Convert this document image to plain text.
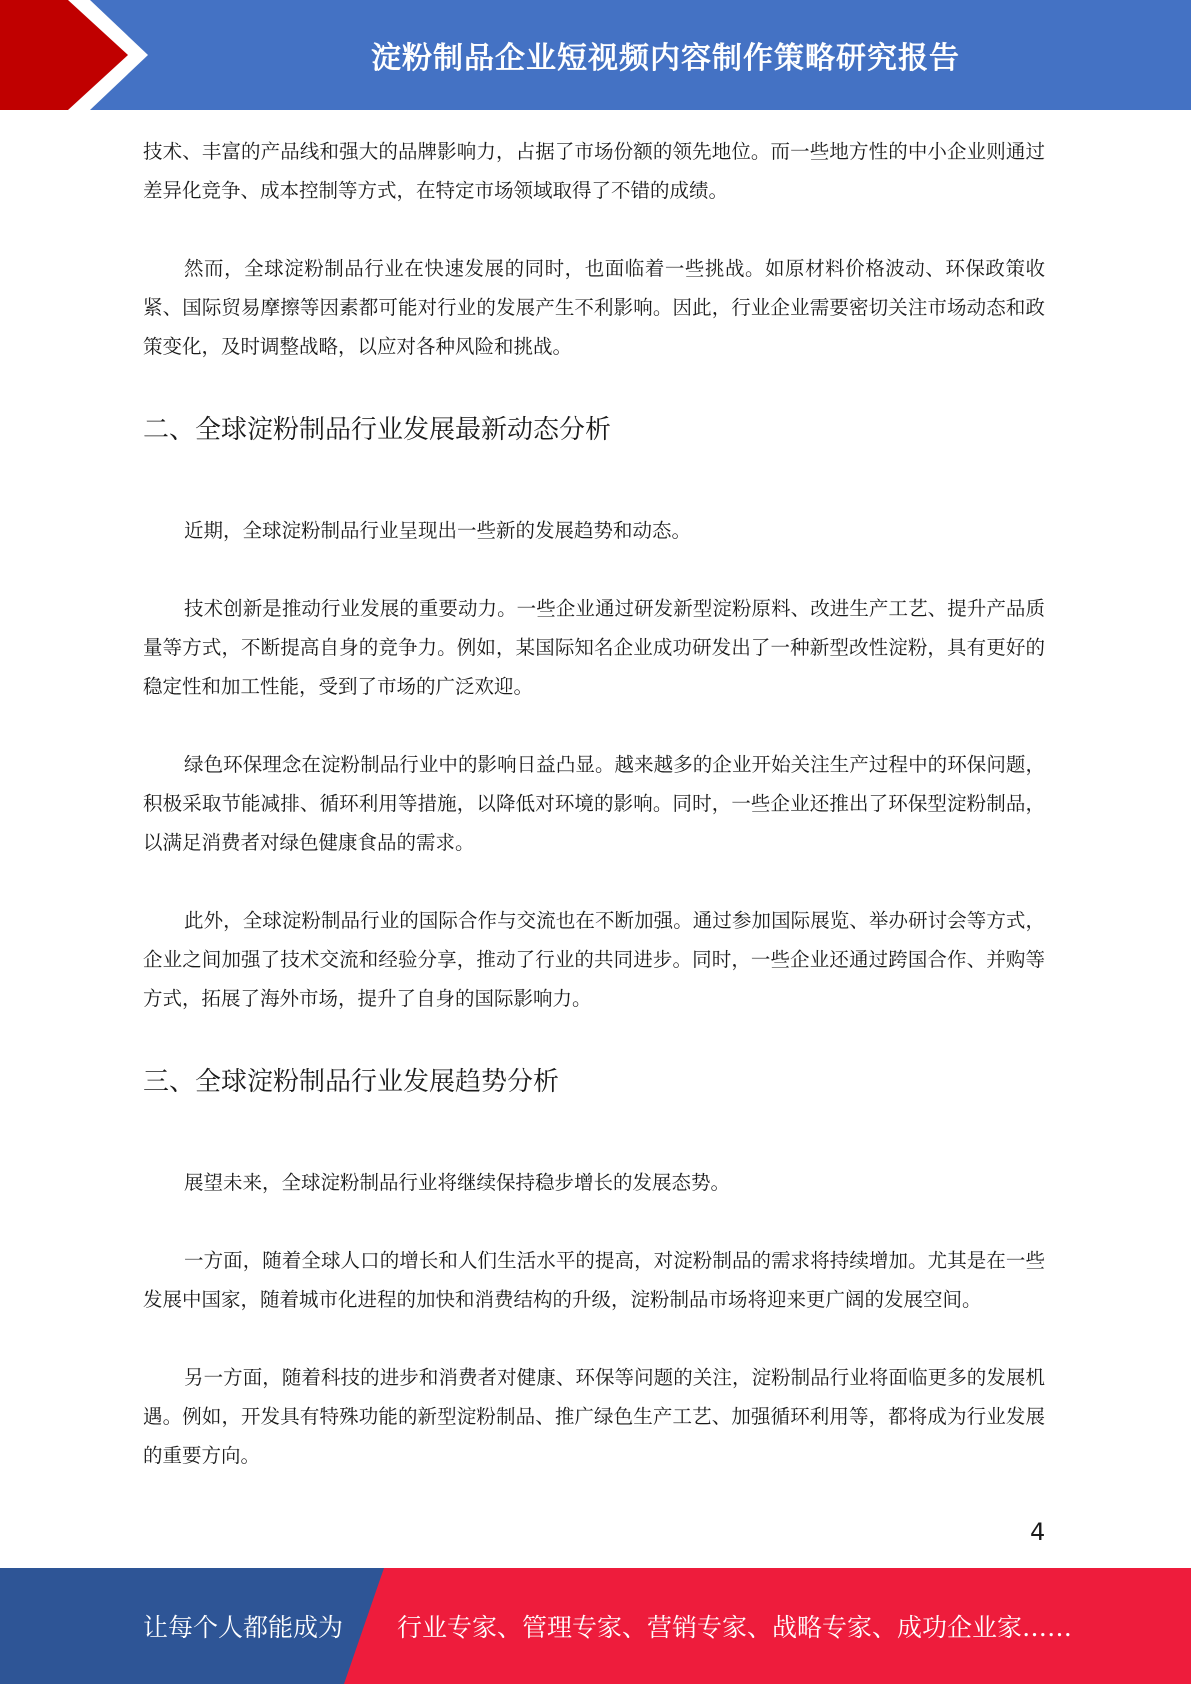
淀粉制品企业短视频内容制作策略研究报告

技术、丰富的产品线和强大的品牌影响力，占据了市场份额的领先地位。而一些地方性的中小企业则通过差异化竞争、成本控制等方式，在特定市场领域取得了不错的成绩。

然而，全球淀粉制品行业在快速发展的同时，也面临着一些挑战。如原材料价格波动、环保政策收紧、国际贸易摩擦等因素都可能对行业的发展产生不利影响。因此，行业企业需要密切关注市场动态和政策变化，及时调整战略，以应对各种风险和挑战。

二、全球淀粉制品行业发展最新动态分析

近期，全球淀粉制品行业呈现出一些新的发展趋势和动态。

技术创新是推动行业发展的重要动力。一些企业通过研发新型淀粉原料、改进生产工艺、提升产品质量等方式，不断提高自身的竞争力。例如，某国际知名企业成功研发出了一种新型改性淀粉，具有更好的稳定性和加工性能，受到了市场的广泛欢迎。

绿色环保理念在淀粉制品行业中的影响日益凸显。越来越多的企业开始关注生产过程中的环保问题，积极采取节能减排、循环利用等措施，以降低对环境的影响。同时，一些企业还推出了环保型淀粉制品，以满足消费者对绿色健康食品的需求。

此外，全球淀粉制品行业的国际合作与交流也在不断加强。通过参加国际展览、举办研讨会等方式，企业之间加强了技术交流和经验分享，推动了行业的共同进步。同时，一些企业还通过跨国合作、并购等方式，拓展了海外市场，提升了自身的国际影响力。

三、全球淀粉制品行业发展趋势分析

展望未来，全球淀粉制品行业将继续保持稳步增长的发展态势。

一方面，随着全球人口的增长和人们生活水平的提高，对淀粉制品的需求将持续增加。尤其是在一些发展中国家，随着城市化进程的加快和消费结构的升级，淀粉制品市场将迎来更广阔的发展空间。

另一方面，随着科技的进步和消费者对健康、环保等问题的关注，淀粉制品行业将面临更多的发展机遇。例如，开发具有特殊功能的新型淀粉制品、推广绿色生产工艺、加强循环利用等，都将成为行业发展的重要方向。

4
让每个人都能成为 行业专家、管理专家、营销专家、战略专家、成功企业家……
